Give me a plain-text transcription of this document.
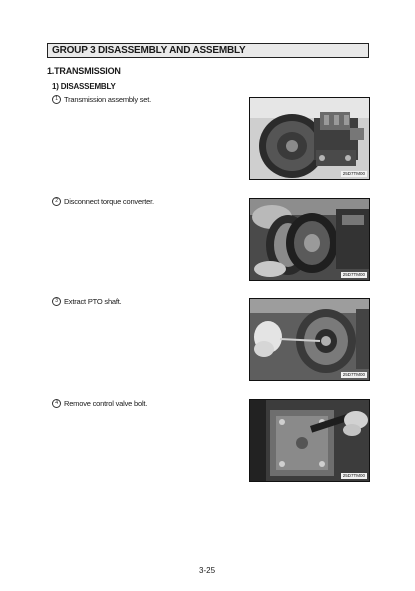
GROUP 3 DISASSEMBLY AND ASSEMBLY
1.TRANSMISSION
1) DISASSEMBLY
1 Transmission assembly set.
25D7TM00
2 Disconnect torque converter.
25D7TM00
3 Extract PTO shaft.
25D7TM00
4 Remove control valve bolt.
25D7TM00
3-25
